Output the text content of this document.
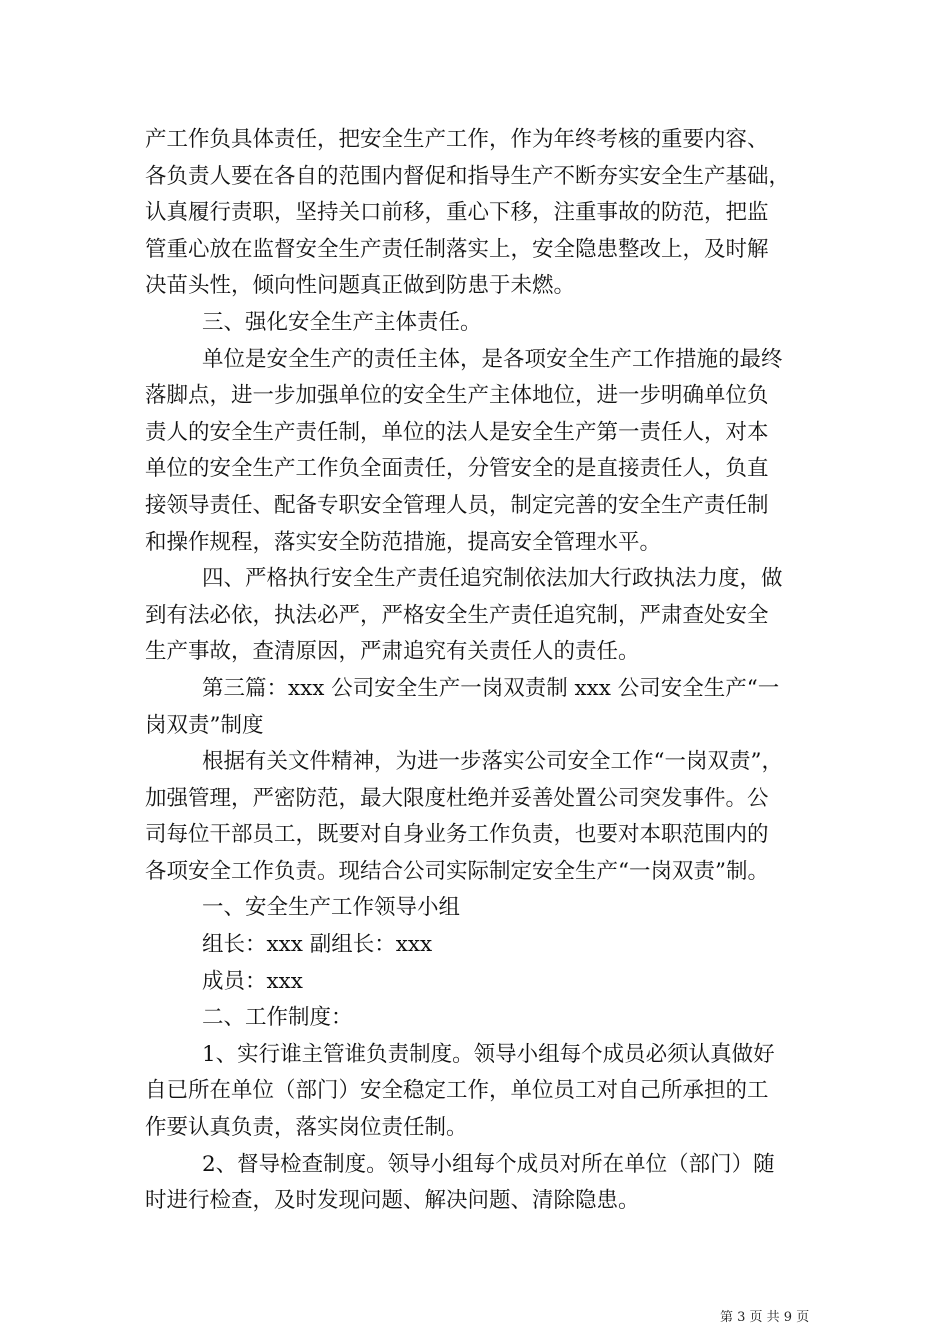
产工作负具体责任，把安全生产工作，作为年终考核的重要内容、
各负责人要在各自的范围内督促和指导生产不断夯实安全生产基础，
认真履行责职，坚持关口前移，重心下移，注重事故的防范，把监
管重心放在监督安全生产责任制落实上，安全隐患整改上，及时解
决苗头性，倾向性问题真正做到防患于未燃。
三、强化安全生产主体责任。
单位是安全生产的责任主体，是各项安全生产工作措施的最终
落脚点，进一步加强单位的安全生产主体地位，进一步明确单位负
责人的安全生产责任制，单位的法人是安全生产第一责任人，对本
单位的安全生产工作负全面责任，分管安全的是直接责任人，负直
接领导责任、配备专职安全管理人员，制定完善的安全生产责任制
和操作规程，落实安全防范措施，提高安全管理水平。
四、严格执行安全生产责任追究制依法加大行政执法力度，做
到有法必依，执法必严，严格安全生产责任追究制，严肃查处安全
生产事故，查清原因，严肃追究有关责任人的责任。
第三篇：xxx 公司安全生产一岗双责制 xxx 公司安全生产“一
岗双责”制度
根据有关文件精神，为进一步落实公司安全工作“一岗双责”，
加强管理，严密防范，最大限度杜绝并妥善处置公司突发事件。公
司每位干部员工，既要对自身业务工作负责，也要对本职范围内的
各项安全工作负责。现结合公司实际制定安全生产“一岗双责”制。
一、安全生产工作领导小组
组长：xxx 副组长：xxx
成员：xxx
二、工作制度：
1、实行谁主管谁负责制度。领导小组每个成员必须认真做好
自已所在单位（部门）安全稳定工作，单位员工对自己所承担的工
作要认真负责，落实岗位责任制。
2、督导检查制度。领导小组每个成员对所在单位（部门）随
时进行检查，及时发现问题、解决问题、清除隐患。
第 3 页 共 9 页
